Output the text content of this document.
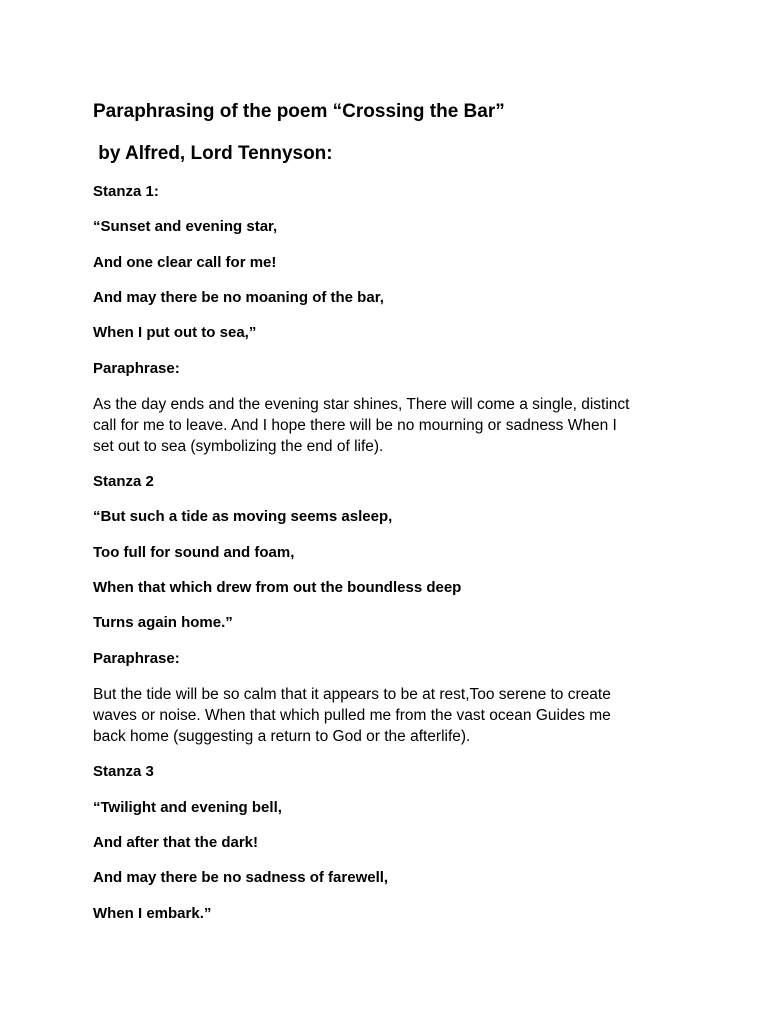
Paraphrasing of the poem “Crossing the Bar”
by Alfred, Lord Tennyson:
Stanza 1:
“Sunset and evening star,
And one clear call for me!
And may there be no moaning of the bar,
When I put out to sea,”
Paraphrase:
As the day ends and the evening star shines, There will come a single, distinct
call for me to leave. And I hope there will be no mourning or sadness When I
set out to sea (symbolizing the end of life).
Stanza 2
“But such a tide as moving seems asleep,
Too full for sound and foam,
When that which drew from out the boundless deep
Turns again home.”
Paraphrase:
But the tide will be so calm that it appears to be at rest,Too serene to create
waves or noise. When that which pulled me from the vast ocean Guides me
back home (suggesting a return to God or the afterlife).
Stanza 3
“Twilight and evening bell,
And after that the dark!
And may there be no sadness of farewell,
When I embark.”
